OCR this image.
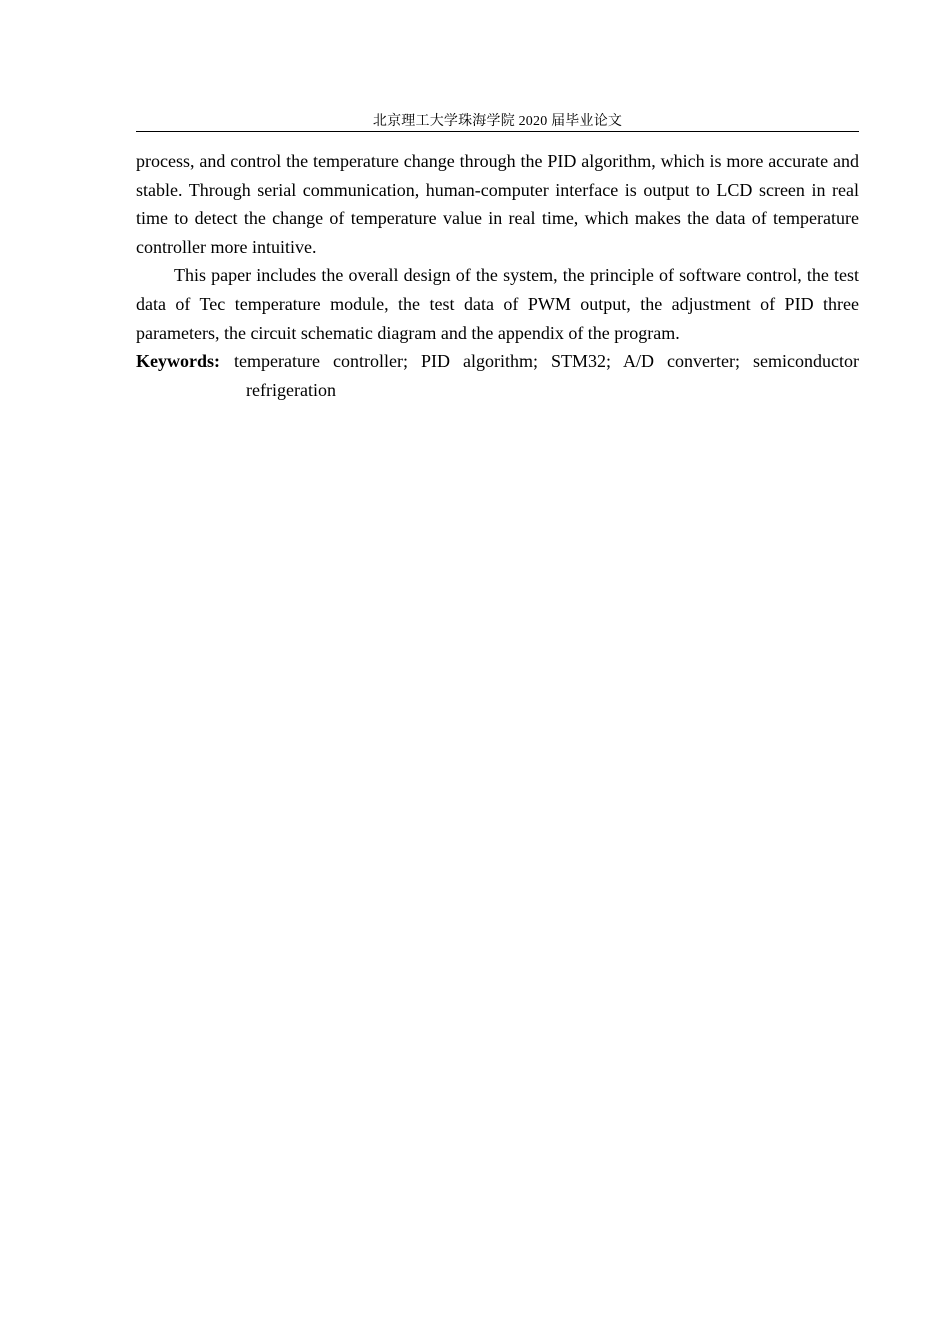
北京理工大学珠海学院 2020 届毕业论文

process, and control the temperature change through the PID algorithm, which is more accurate and stable. Through serial communication, human-computer interface is output to LCD screen in real time to detect the change of temperature value in real time, which makes the data of temperature controller more intuitive.

This paper includes the overall design of the system, the principle of software control, the test data of Tec temperature module, the test data of PWM output, the adjustment of PID three parameters, the circuit schematic diagram and the appendix of the program.

Keywords: temperature controller; PID algorithm; STM32; A/D converter; semiconductor refrigeration
